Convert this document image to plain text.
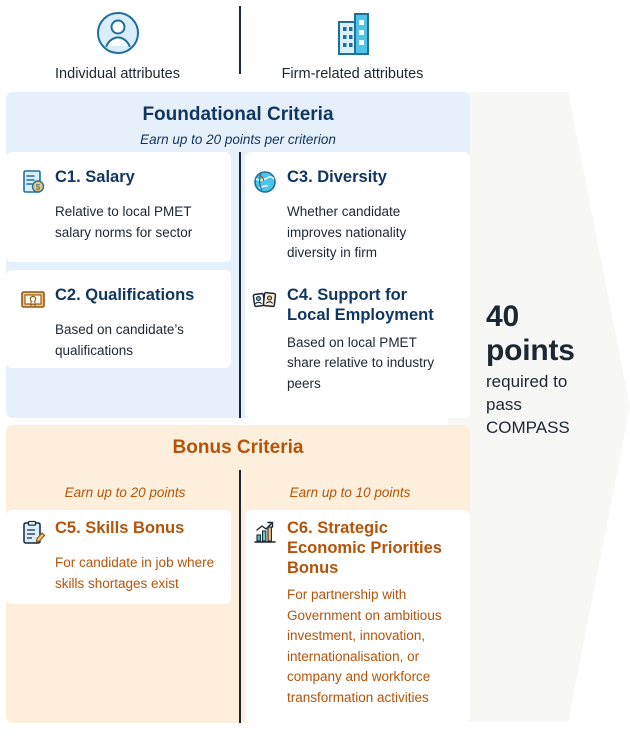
40 points
required to pass COMPASS
Individual attributes	Firm-related attributes
Foundational Criteria
Earn up to 20 points per criterion
$
C1. Salary
Relative to local PMET salary norms for sector
C2. Qualifications
Based on candidate’s qualifications
C3. Diversity
Whether candidate improves nationality diversity in firm
C4. Support for Local Employment
Based on local PMET share relative to industry peers
Bonus Criteria
Earn up to 20 points	Earn up to 10 points
C5. Skills Bonus
For candidate in job where skills shortages exist
C6. Strategic Economic Priorities Bonus
For partnership with Government on ambitious investment, innovation, internationalisation, or company and workforce transformation activities
